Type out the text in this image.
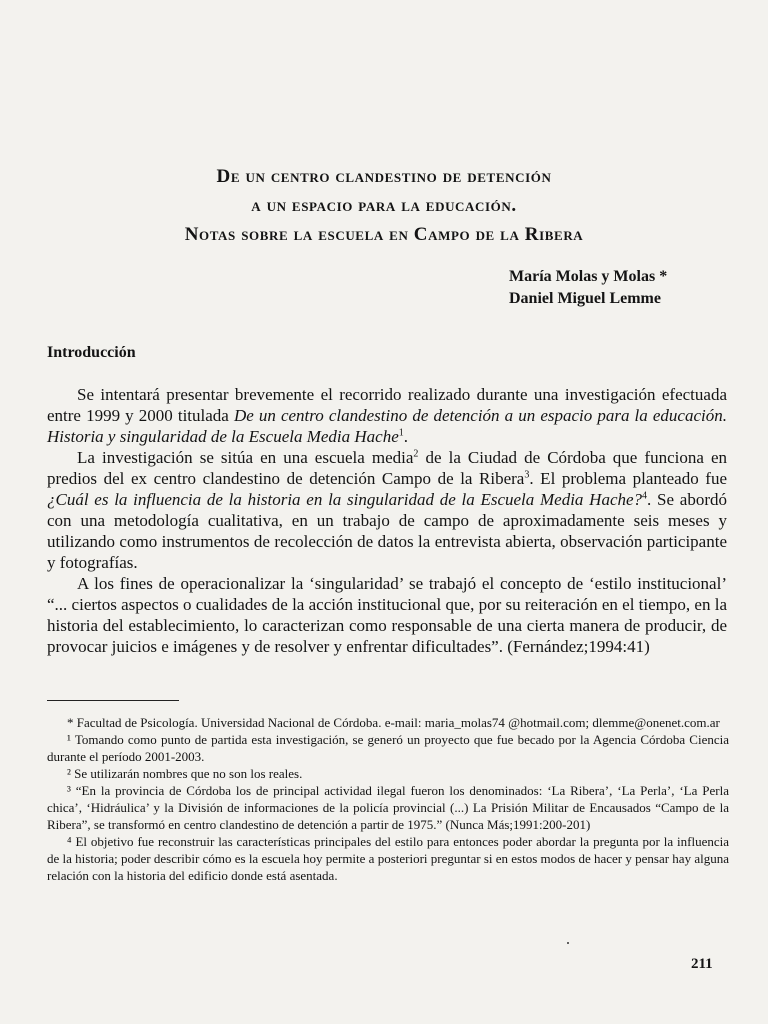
De un centro clandestino de detención
a un espacio para la educación.
Notas sobre la escuela en Campo de la Ribera
María Molas y Molas *
Daniel Miguel Lemme
Introducción

Se intentará presentar brevemente el recorrido realizado durante una investigación efectuada entre 1999 y 2000 titulada De un centro clandestino de detención a un espacio para la educación. Historia y singularidad de la Escuela Media Hache$^1$.

La investigación se sitúa en una escuela media$^2$ de la Ciudad de Córdoba que funciona en predios del ex centro clandestino de detención Campo de la Ribera$^3$. El problema planteado fue ¿Cuál es la influencia de la historia en la singularidad de la Escuela Media Hache?$^4$. Se abordó con una metodología cualitativa, en un trabajo de campo de aproximadamente seis meses y utilizando como instrumentos de recolección de datos la entrevista abierta, observación participante y fotografías.

A los fines de operacionalizar la ‘singularidad’ se trabajó el concepto de ‘estilo institucional’ “... ciertos aspectos o cualidades de la acción institucional que, por su reiteración en el tiempo, en la historia del establecimiento, lo caracterizan como responsable de una cierta manera de producir, de provocar juicios e imágenes y de resolver y enfrentar dificultades”. (Fernández;1994:41)

* Facultad de Psicología. Universidad Nacional de Córdoba. e-mail: maria_molas74 @hotmail.com; dlemme@onenet.com.ar

¹ Tomando como punto de partida esta investigación, se generó un proyecto que fue becado por la Agencia Córdoba Ciencia durante el período 2001-2003.

² Se utilizarán nombres que no son los reales.

³ “En la provincia de Córdoba los de principal actividad ilegal fueron los denominados: ‘La Ribera’, ‘La Perla’, ‘La Perla chica’, ‘Hidráulica’ y la División de informaciones de la policía provincial (...) La Prisión Militar de Encausados “Campo de la Ribera”, se transformó en centro clandestino de detención a partir de 1975.” (Nunca Más;1991:200-201)

⁴ El objetivo fue reconstruir las características principales del estilo para entonces poder abordar la pregunta por la influencia de la historia; poder describir cómo es la escuela hoy permite a posteriori preguntar si en estos modos de hacer y pensar hay alguna relación con la historia del edificio donde está asentada.

211
